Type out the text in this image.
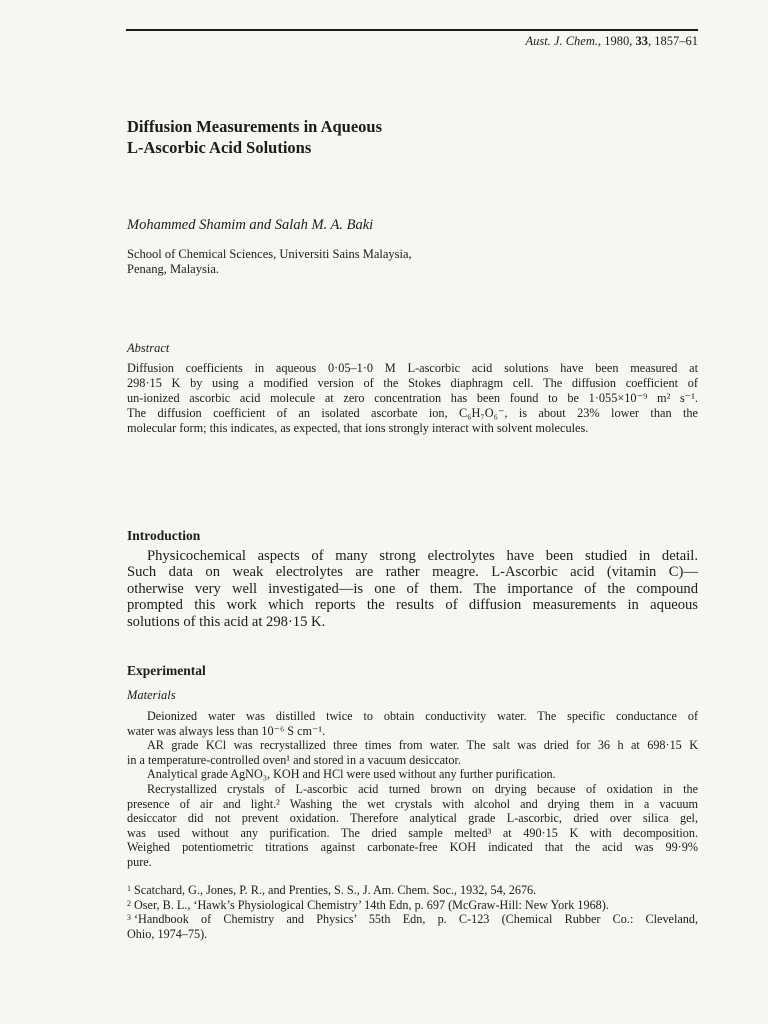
Aust. J. Chem., 1980, 33, 1857–61
Diffusion Measurements in Aqueous
L-Ascorbic Acid Solutions
Mohammed Shamim and Salah M. A. Baki
School of Chemical Sciences, Universiti Sains Malaysia,
Penang, Malaysia.
Abstract
Diffusion coefficients in aqueous 0·05–1·0 M L-ascorbic acid solutions have been measured at
298·15 K by using a modified version of the Stokes diaphragm cell. The diffusion coefficient of
un-ionized ascorbic acid molecule at zero concentration has been found to be 1·055×10⁻⁹ m² s⁻¹.
The diffusion coefficient of an isolated ascorbate ion, C₆H₇O₆⁻, is about 23% lower than the
molecular form; this indicates, as expected, that ions strongly interact with solvent molecules.
Introduction
Physicochemical aspects of many strong electrolytes have been studied in detail.
Such data on weak electrolytes are rather meagre. L-Ascorbic acid (vitamin C)—
otherwise very well investigated—is one of them. The importance of the compound
prompted this work which reports the results of diffusion measurements in aqueous
solutions of this acid at 298·15 K.
Experimental
Materials
Deionized water was distilled twice to obtain conductivity water. The specific conductance of
water was always less than 10⁻⁶ S cm⁻¹.
AR grade KCl was recrystallized three times from water. The salt was dried for 36 h at 698·15 K
in a temperature-controlled oven¹ and stored in a vacuum desiccator.
Analytical grade AgNO₃, KOH and HCl were used without any further purification.
Recrystallized crystals of L-ascorbic acid turned brown on drying because of oxidation in the
presence of air and light.² Washing the wet crystals with alcohol and drying them in a vacuum
desiccator did not prevent oxidation. Therefore analytical grade L-ascorbic, dried over silica gel,
was used without any purification. The dried sample melted³ at 490·15 K with decomposition.
Weighed potentiometric titrations against carbonate-free KOH indicated that the acid was 99·9%
pure.
$^1$ Scatchard, G., Jones, P. R., and Prenties, S. S., J. Am. Chem. Soc., 1932, 54, 2676.
$^2$ Oser, B. L., ‘Hawk’s Physiological Chemistry’ 14th Edn, p. 697 (McGraw-Hill: New York 1968).
$^3$ ‘Handbook of Chemistry and Physics’ 55th Edn, p. C-123 (Chemical Rubber Co.: Cleveland,
Ohio, 1974–75).
